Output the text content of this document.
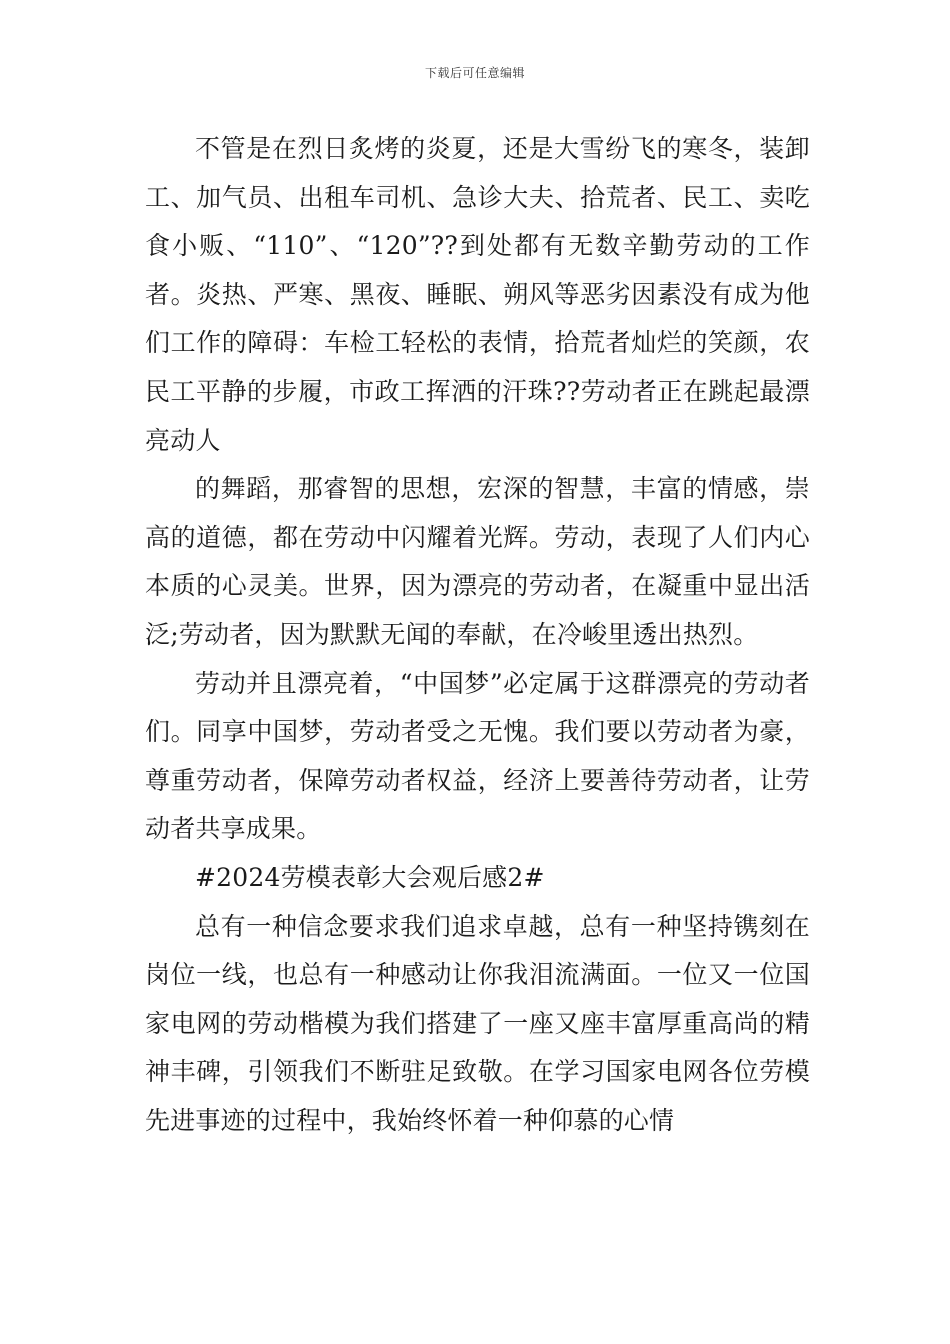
下载后可任意编辑

不管是在烈日炙烤的炎夏，还是大雪纷飞的寒冬，装卸工、加气员、出租车司机、急诊大夫、拾荒者、民工、卖吃食小贩、“110”、“120”??到处都有无数辛勤劳动的工作者。炎热、严寒、黑夜、睡眠、朔风等恶劣因素没有成为他们工作的障碍：车检工轻松的表情，拾荒者灿烂的笑颜，农民工平静的步履，市政工挥洒的汗珠??劳动者正在跳起最漂亮动人

的舞蹈，那睿智的思想，宏深的智慧，丰富的情感，崇高的道德，都在劳动中闪耀着光辉。劳动，表现了人们内心本质的心灵美。世界，因为漂亮的劳动者，在凝重中显出活泛;劳动者，因为默默无闻的奉献，在冷峻里透出热烈。

劳动并且漂亮着，“中国梦”必定属于这群漂亮的劳动者们。同享中国梦，劳动者受之无愧。我们要以劳动者为豪，尊重劳动者，保障劳动者权益，经济上要善待劳动者，让劳动者共享成果。

#2024劳模表彰大会观后感2#

总有一种信念要求我们追求卓越，总有一种坚持镌刻在岗位一线，也总有一种感动让你我泪流满面。一位又一位国家电网的劳动楷模为我们搭建了一座又座丰富厚重高尚的精神丰碑，引领我们不断驻足致敬。在学习国家电网各位劳模先进事迹的过程中，我始终怀着一种仰慕的心情
